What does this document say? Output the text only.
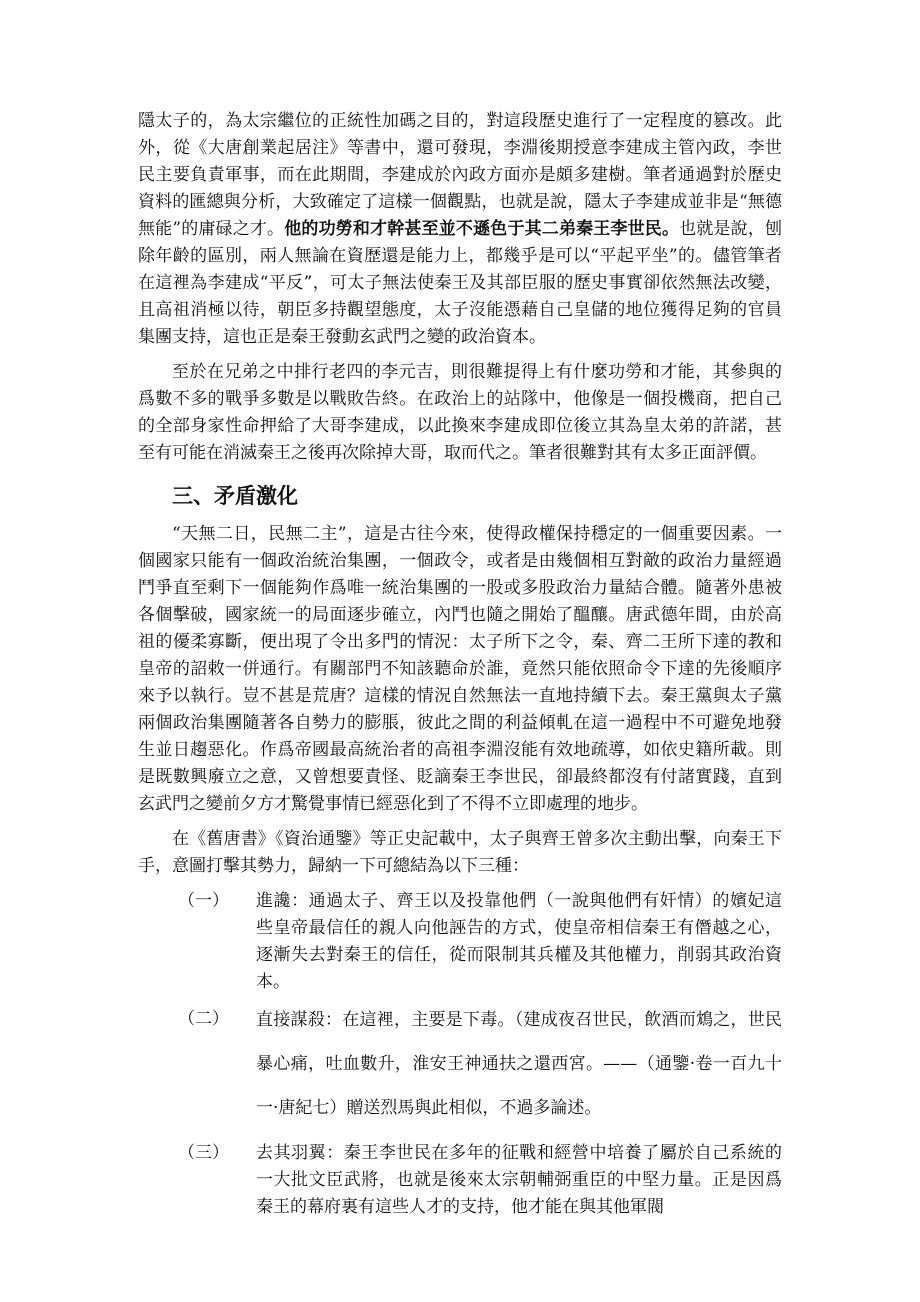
隱太子的，為太宗繼位的正統性加碼之目的，對這段歷史進行了一定程度的篡改。此外，從《大唐創業起居注》等書中，還可發現，李淵後期授意李建成主管內政，李世民主要負責軍事，而在此期間，李建成於內政方面亦是頗多建樹。筆者通過對於歷史資料的匯總與分析，大致確定了這樣一個觀點，也就是說，隱太子李建成並非是“無德無能”的庸碌之才。他的功勞和才幹甚至並不遜色于其二弟秦王李世民。也就是說，刨除年齡的區別，兩人無論在資歷還是能力上，都幾乎是可以“平起平坐”的。儘管筆者在這裡為李建成“平反”，可太子無法使秦王及其部臣服的歷史事實卻依然無法改變，且高祖消極以待，朝臣多持觀望態度，太子沒能憑藉自己皇儲的地位獲得足夠的官員集團支持，這也正是秦王發動玄武門之變的政治資本。

至於在兄弟之中排行老四的李元吉，則很難提得上有什麼功勞和才能，其參與的爲數不多的戰爭多數是以戰敗告終。在政治上的站隊中，他像是一個投機商，把自己的全部身家性命押給了大哥李建成，以此換來李建成即位後立其為皇太弟的許諾，甚至有可能在消滅秦王之後再次除掉大哥，取而代之。筆者很難對其有太多正面評價。

三、矛盾激化

“天無二日，民無二主”，這是古往今來，使得政權保持穩定的一個重要因素。一個國家只能有一個政治統治集團，一個政令，或者是由幾個相互對敵的政治力量經過鬥爭直至剩下一個能夠作爲唯一統治集團的一股或多股政治力量結合體。隨著外患被各個擊破，國家統一的局面逐步確立，內鬥也隨之開始了醞釀。唐武德年間，由於高祖的優柔寡斷，便出現了令出多門的情況：太子所下之令，秦、齊二王所下達的教和皇帝的詔敕一併通行。有關部門不知該聽命於誰，竟然只能依照命令下達的先後順序來予以執行。豈不甚是荒唐？這樣的情況自然無法一直地持續下去。秦王黨與太子黨兩個政治集團隨著各自勢力的膨脹，彼此之間的利益傾軋在這一過程中不可避免地發生並日趨惡化。作爲帝國最高統治者的高祖李淵沒能有效地疏導，如依史籍所載。則是既數興廢立之意，又曾想要責怪、貶謫秦王李世民，卻最終都沒有付諸實踐，直到玄武門之變前夕方才驚覺事情已經惡化到了不得不立即處理的地步。

在《舊唐書》《資治通鑒》等正史記載中，太子與齊王曾多次主動出擊，向秦王下手，意圖打擊其勢力，歸納一下可總結為以下三種：

（一）	進讒：通過太子、齊王以及投靠他們（一說與他們有奸情）的嬪妃這些皇帝最信任的親人向他誣告的方式，使皇帝相信秦王有僭越之心，逐漸失去對秦王的信任，從而限制其兵權及其他權力，削弱其政治資本。
（二）	直接謀殺：在這裡，主要是下毒。（建成夜召世民，飲酒而鴆之，世民暴心痛，吐血數升，淮安王神通扶之還西宮。——（通鑒·卷一百九十一·唐紀七）贈送烈馬與此相似，不過多論述。
（三）	去其羽翼：秦王李世民在多年的征戰和經營中培養了屬於自己系統的一大批文臣武將，也就是後來太宗朝輔弼重臣的中堅力量。正是因爲秦王的幕府裏有這些人才的支持，他才能在與其他軍閥
